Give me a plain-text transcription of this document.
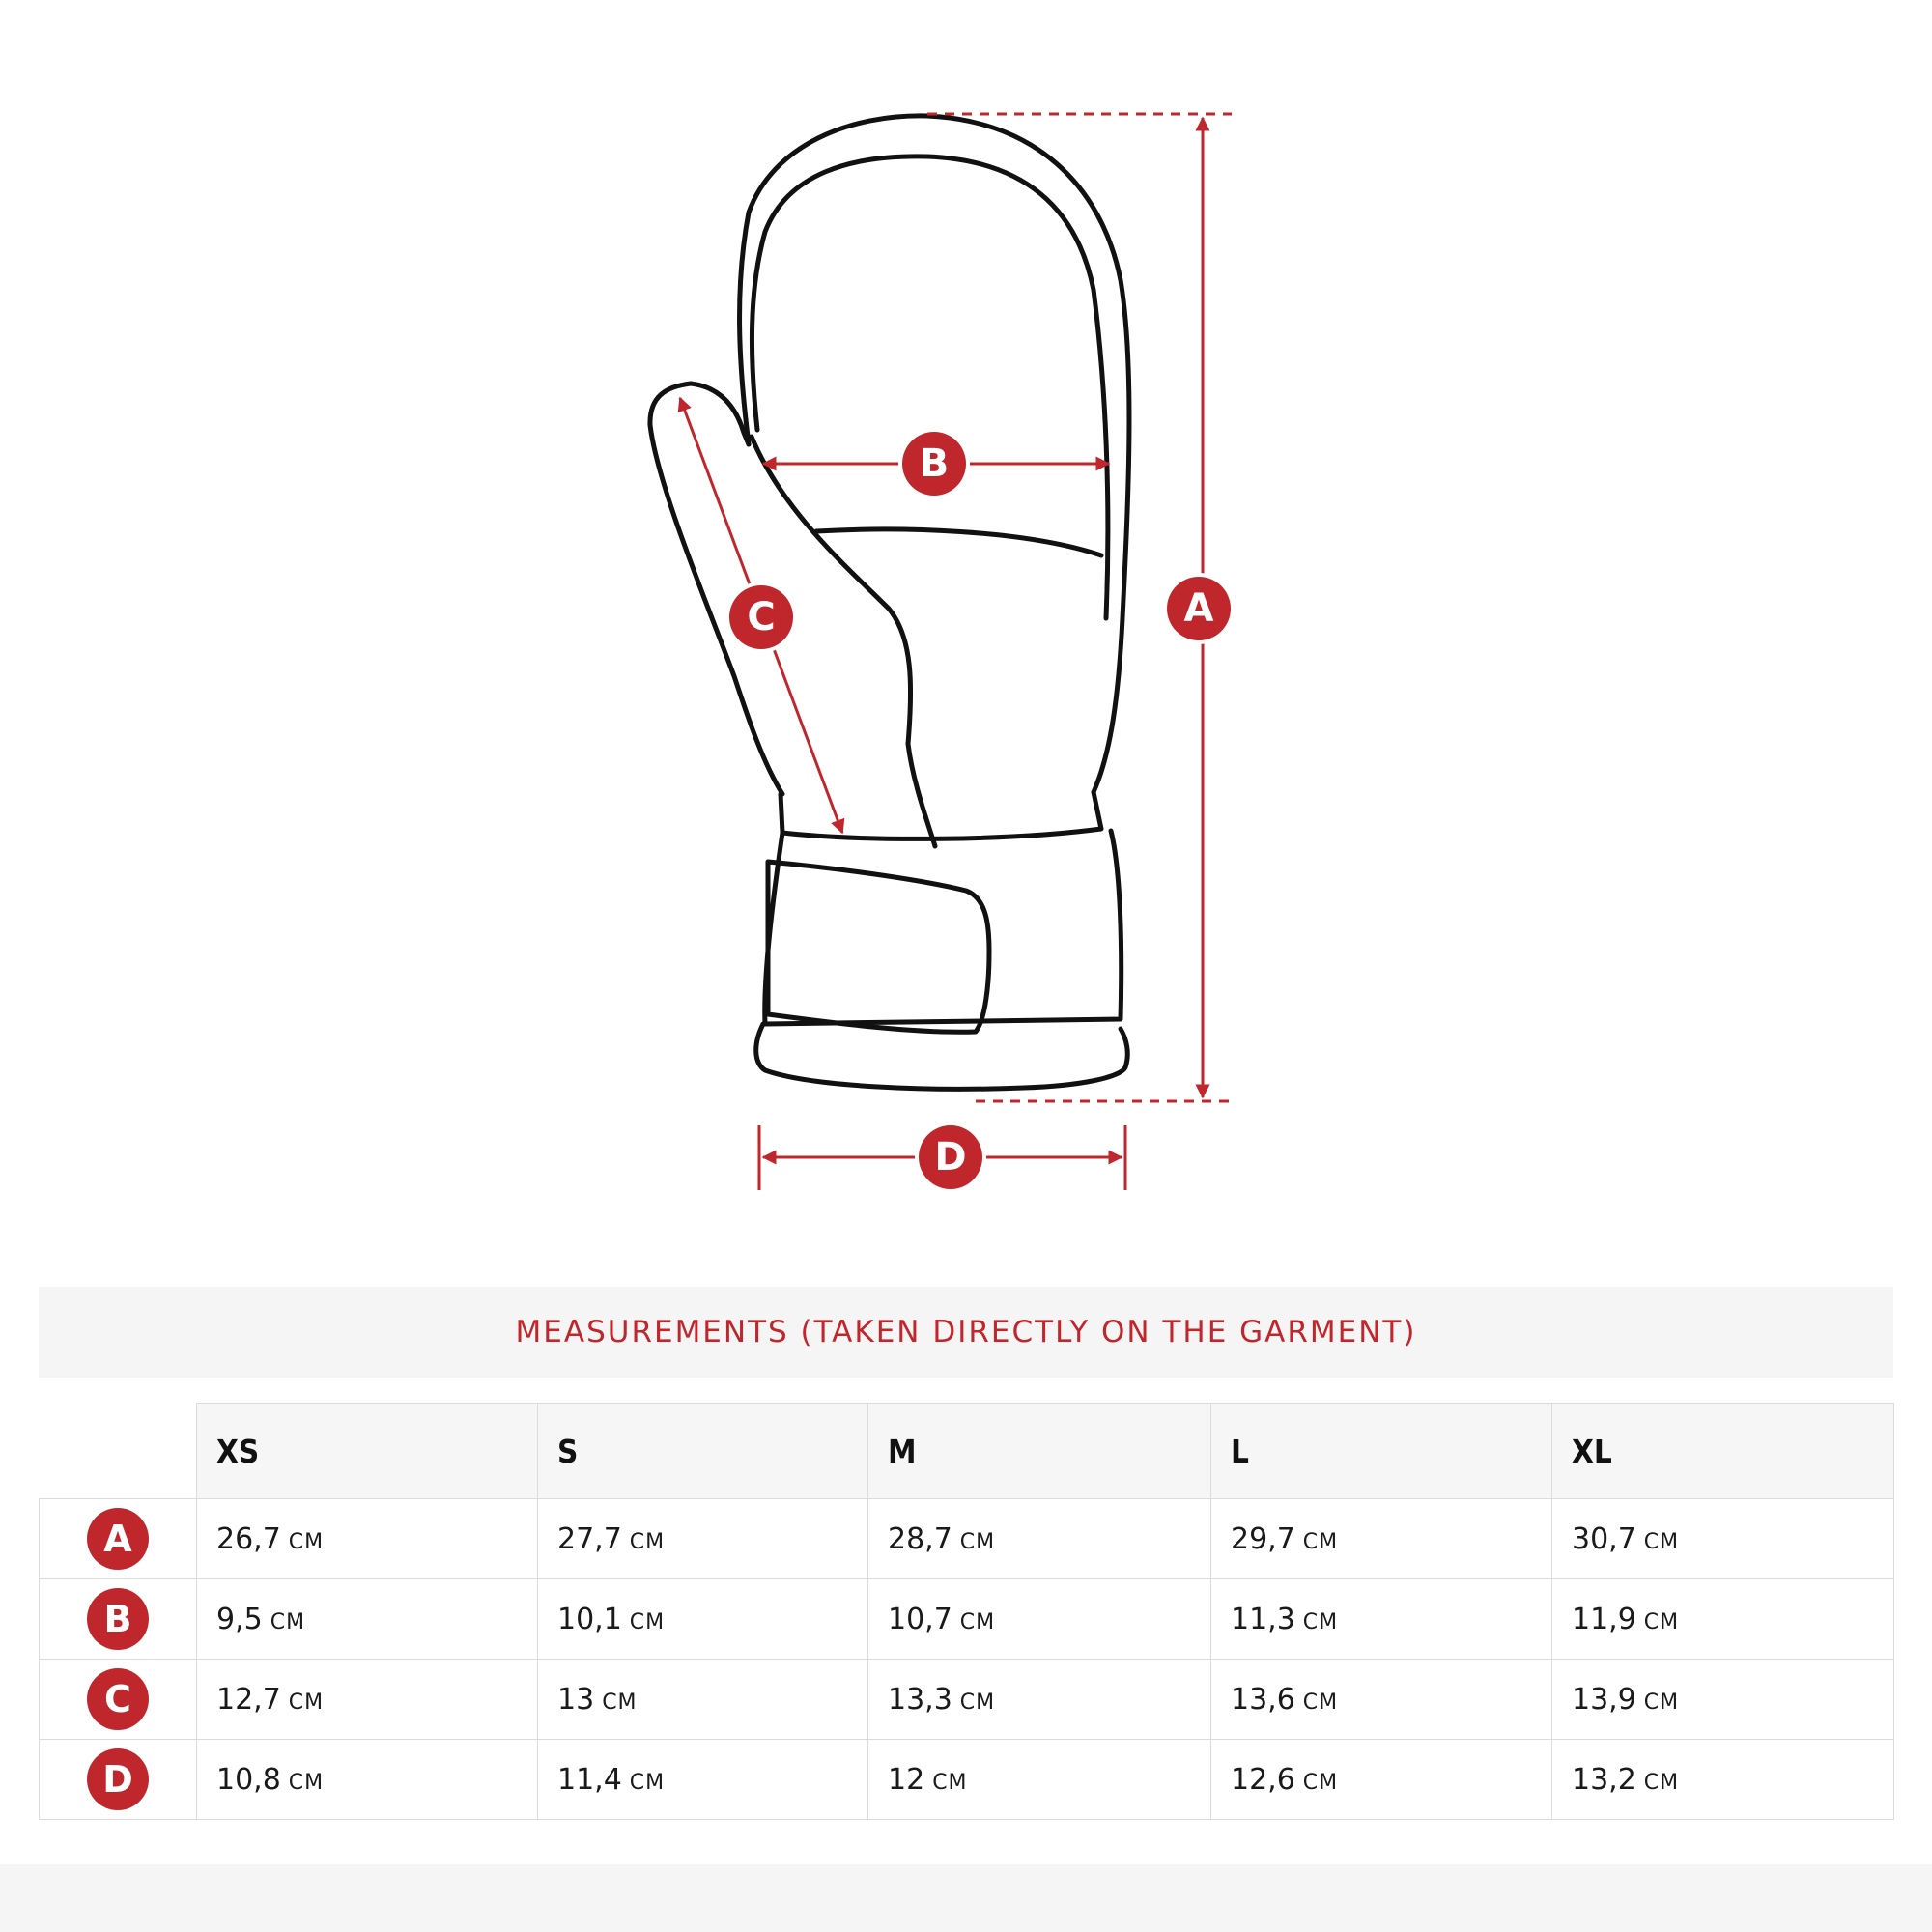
A
B
C
D
MEASUREMENTS (TAKEN DIRECTLY ON THE GARMENT)
	XS	S	M	L	XL
A	26,7 CM	27,7 CM	28,7 CM	29,7 CM	30,7 CM
B	9,5 CM	10,1 CM	10,7 CM	11,3 CM	11,9 CM
C	12,7 CM	13 CM	13,3 CM	13,6 CM	13,9 CM
D	10,8 CM	11,4 CM	12 CM	12,6 CM	13,2 CM
